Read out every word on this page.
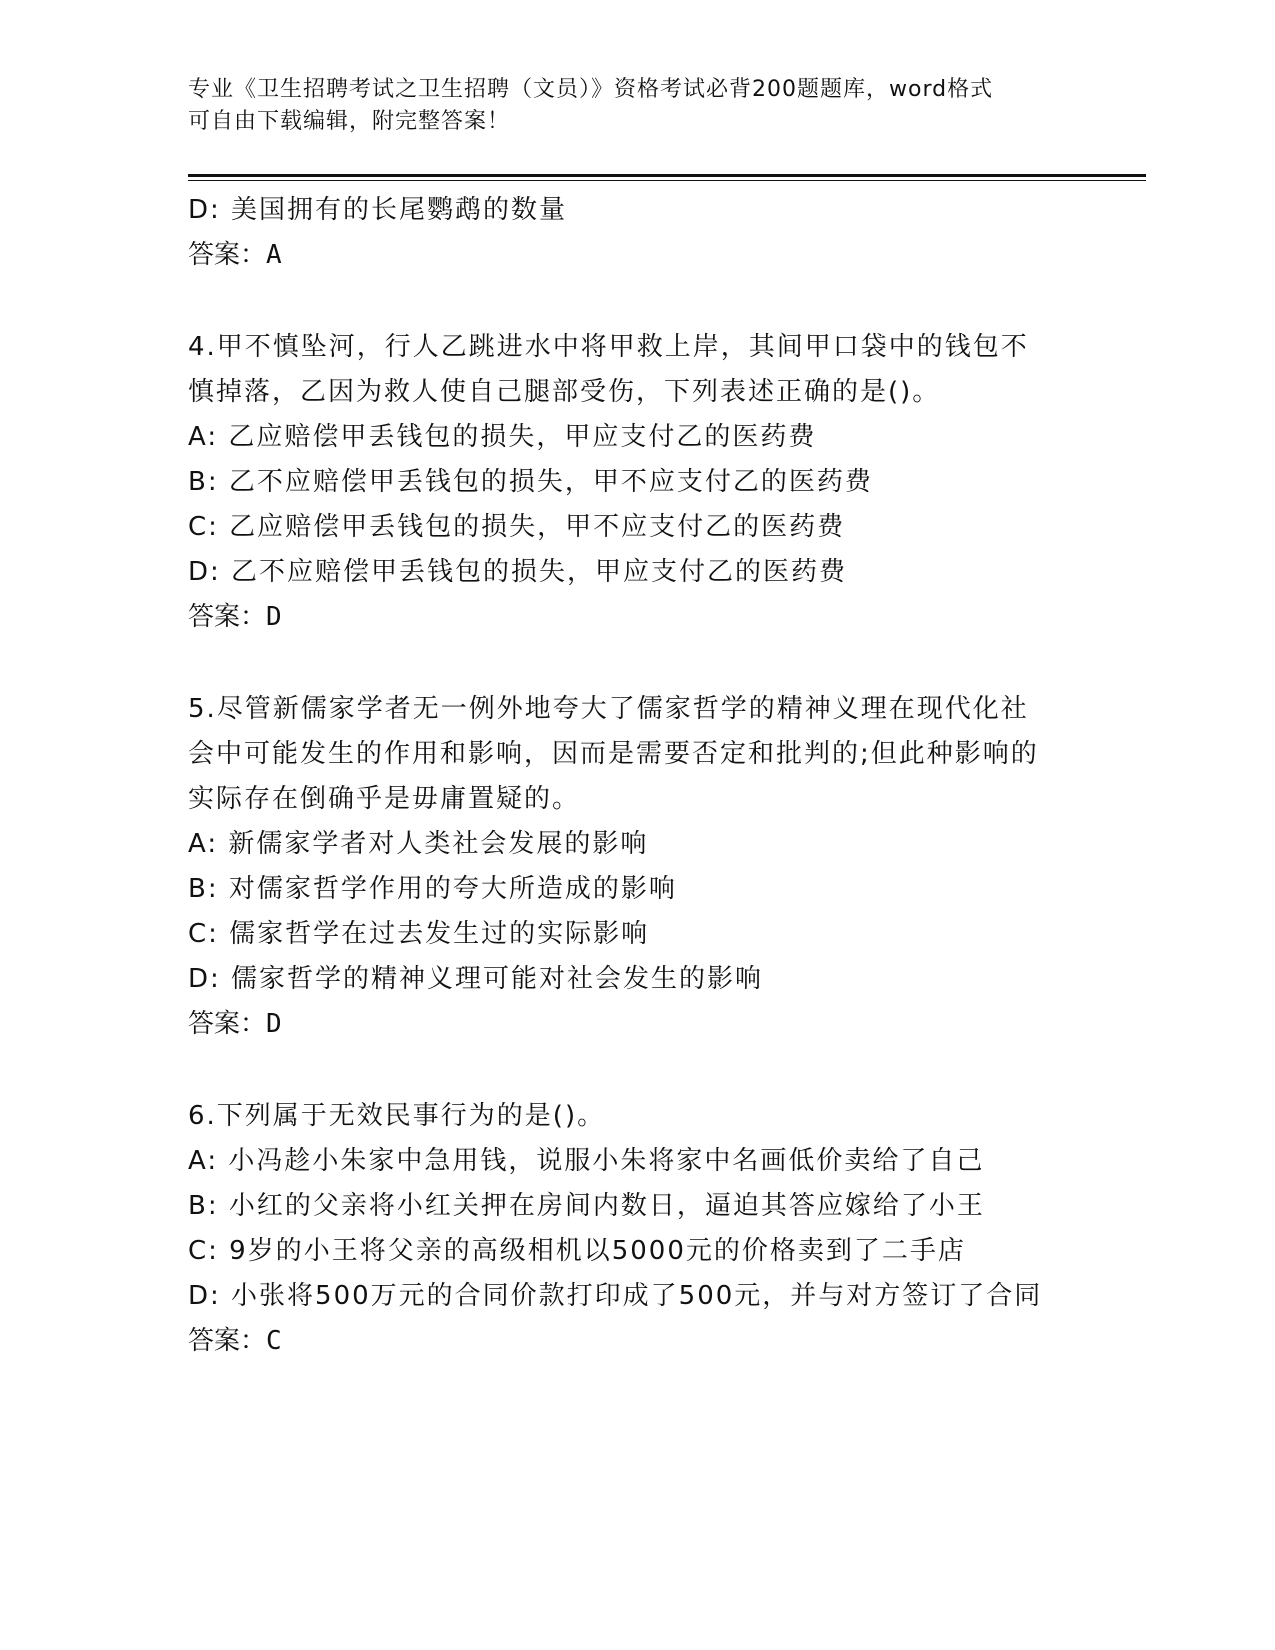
专业《卫生招聘考试之卫生招聘（文员）》资格考试必背200题题库，word格式
可自由下载编辑，附完整答案！
D: 美国拥有的长尾鹦鹉的数量
答案：A
4.甲不慎坠河，行人乙跳进水中将甲救上岸，其间甲口袋中的钱包不
慎掉落，乙因为救人使自己腿部受伤，下列表述正确的是()。
A: 乙应赔偿甲丢钱包的损失，甲应支付乙的医药费
B: 乙不应赔偿甲丢钱包的损失，甲不应支付乙的医药费
C: 乙应赔偿甲丢钱包的损失，甲不应支付乙的医药费
D: 乙不应赔偿甲丢钱包的损失，甲应支付乙的医药费
答案：D
5.尽管新儒家学者无一例外地夸大了儒家哲学的精神义理在现代化社
会中可能发生的作用和影响，因而是需要否定和批判的;但此种影响的
实际存在倒确乎是毋庸置疑的。
A: 新儒家学者对人类社会发展的影响
B: 对儒家哲学作用的夸大所造成的影响
C: 儒家哲学在过去发生过的实际影响
D: 儒家哲学的精神义理可能对社会发生的影响
答案：D
6.下列属于无效民事行为的是()。
A: 小冯趁小朱家中急用钱，说服小朱将家中名画低价卖给了自己
B: 小红的父亲将小红关押在房间内数日，逼迫其答应嫁给了小王
C: 9岁的小王将父亲的高级相机以5000元的价格卖到了二手店
D: 小张将500万元的合同价款打印成了500元，并与对方签订了合同
答案：C
